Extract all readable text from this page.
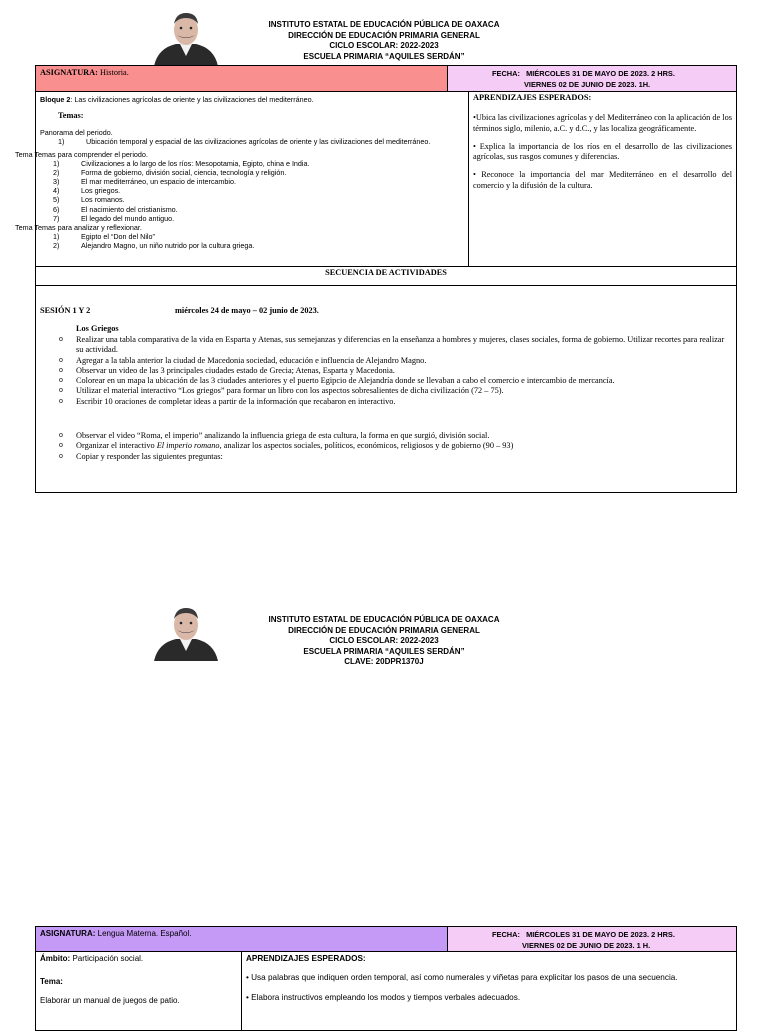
INSTITUTO ESTATAL DE EDUCACIÓN PÚBLICA DE OAXACA
DIRECCIÓN DE EDUCACIÓN PRIMARIA GENERAL
CICLO ESCOLAR: 2022-2023
ESCUELA PRIMARIA “AQUILES SERDÁN”
ASIGNATURA: Historia.	FECHA: MIÉRCOLES 31 DE MAYO DE 2023. 2 HRS.
VIERNES 02 DE JUNIO DE 2023. 1H.
Bloque 2: Las civilizaciones agrícolas de oriente y las civilizaciones del mediterráneo.
Temas:
Panorama del periodo.
1)	Ubicación temporal y espacial de las civilizaciones agrícolas de oriente y las civilizaciones del mediterráneo.
Tema Temas para comprender el periodo.
1)	Civilizaciones a lo largo de los ríos: Mesopotamia, Egipto, china e India.
2)	Forma de gobierno, división social, ciencia, tecnología y religión.
3)	El mar mediterráneo, un espacio de intercambio.
4)	Los griegos.
5)	Los romanos.
6)	El nacimiento del cristianismo.
7)	El legado del mundo antiguo.
Tema Temas para analizar y reflexionar.
1)	Egipto el “Don del Nilo”
2)	Alejandro Magno, un niño nutrido por la cultura griega.
APRENDIZAJES ESPERADOS:
•Ubica las civilizaciones agrícolas y del Mediterráneo con la aplicación de los términos siglo, milenio, a.C. y d.C., y las localiza geográficamente.
• Explica la importancia de los ríos en el desarrollo de las civilizaciones agrícolas, sus rasgos comunes y diferencias.
• Reconoce la importancia del mar Mediterráneo en el desarrollo del comercio y la difusión de la cultura.
SECUENCIA DE ACTIVIDADES
SESIÓN 1 Y 2	miércoles 24 de mayo – 02 junio de 2023.
Los Griegos
o Realizar una tabla comparativa de la vida en Esparta y Atenas, sus semejanzas y diferencias en la enseñanza a hombres y mujeres, clases sociales, forma de gobierno. Utilizar recortes para realizar su actividad.
o Agregar a la tabla anterior la ciudad de Macedonia sociedad, educación e influencia de Alejandro Magno.
o Observar un video de las 3 principales ciudades estado de Grecia; Atenas, Esparta y Macedonia.
o Colorear en un mapa la ubicación de las 3 ciudades anteriores y el puerto Egipcio de Alejandría donde se llevaban a cabo el comercio e intercambio de mercancía.
o Utilizar el material interactivo “Los griegos” para formar un libro con los aspectos sobresalientes de dicha civilización (72 – 75).
o Escribir 10 oraciones de completar ideas a partir de la información que recabaron en interactivo.
o Observar el video “Roma, el imperio” analizando la influencia griega de esta cultura, la forma en que surgió, división social.
o Organizar el interactivo El imperio romano, analizar los aspectos sociales, políticos, económicos, religiosos y de gobierno (90 – 93)
o Copiar y responder las siguientes preguntas:
INSTITUTO ESTATAL DE EDUCACIÓN PÚBLICA DE OAXACA
DIRECCIÓN DE EDUCACIÓN PRIMARIA GENERAL
CICLO ESCOLAR: 2022-2023
ESCUELA PRIMARIA “AQUILES SERDÁN”
CLAVE: 20DPR1370J
ASIGNATURA: Lengua Materna. Español.	FECHA: MIÉRCOLES 31 DE MAYO DE 2023. 2 HRS.
VIERNES 02 DE JUNIO DE 2023. 1 H.
Ámbito: Participación social.
Tema:
Elaborar un manual de juegos de patio.
APRENDIZAJES ESPERADOS:
• Usa palabras que indiquen orden temporal, así como numerales y viñetas para explicitar los pasos de una secuencia.
• Elabora instructivos empleando los modos y tiempos verbales adecuados.
